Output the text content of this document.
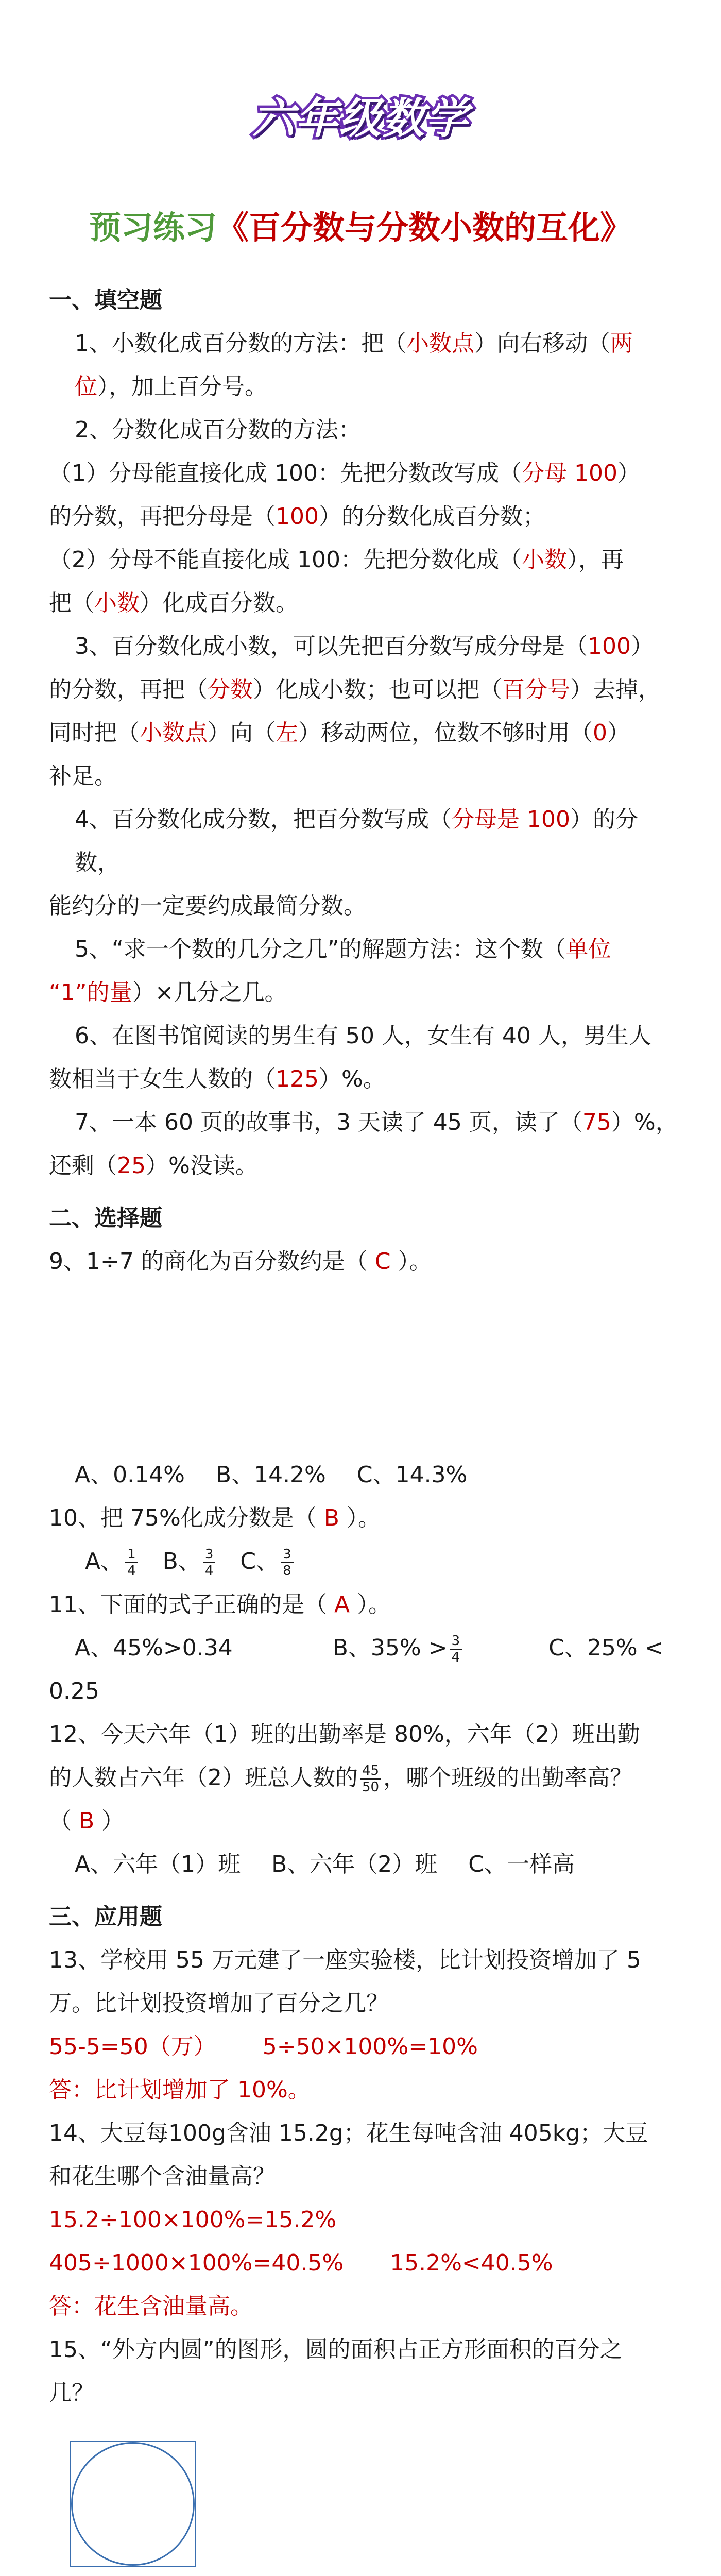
六年级数学
预习练习《百分数与分数小数的互化》
一、填空题

1、小数化成百分数的方法：把（小数点）向右移动（两位），加上百分号。

2、分数化成百分数的方法：

（1）分母能直接化成 100：先把分数改写成（分母 100）

的分数，再把分母是（100）的分数化成百分数；

（2）分母不能直接化成 100：先把分数化成（小数），再

把（小数）化成百分数。

3、百分数化成小数，可以先把百分数写成分母是（100）

的分数，再把（分数）化成小数；也可以把（百分号）去掉，

同时把（小数点）向（左）移动两位，位数不够时用（0）

补足。

4、百分数化成分数，把百分数写成（分母是 100）的分数，

能约分的一定要约成最简分数。

5、“求一个数的几分之几”的解题方法：这个数（单位

“1”的量）×几分之几。

6、在图书馆阅读的男生有 50 人，女生有 40 人，男生人

数相当于女生人数的（125）%。

7、一本 60 页的故事书，3 天读了 45 页，读了（75）%，

还剩（25）%没读。

二、选择题

9、1÷7 的商化为百分数约是（ C ）。

A、0.14% B、14.2% C、14.3%

10、把 75%化成分数是（ B ）。

A、 $\frac{1}{4}$ B、 $\frac{3}{4}$ C、 $\frac{3}{8}$

11、下面的式子正确的是（ A ）。

A、45%>0.34	B、$35\% > \frac{3}{4}$	C、25% <

0.25

12、今天六年（1）班的出勤率是 80%，六年（2）班出勤

的人数占六年（2）班总人数的 $\frac{45}{50}$ ，哪个班级的出勤率高？

（ B ）

A、六年（1）班 B、六年（2）班 C、一样高

三、应用题

13、学校用 55 万元建了一座实验楼，比计划投资增加了 5

万。比计划投资增加了百分之几？

55-5=50（万） 5÷50×100%=10%

答：比计划增加了 10%。

14、大豆每100g含油 15.2g；花生每吨含油 405kg；大豆

和花生哪个含油量高？

15.2÷100×100%=15.2%

405÷1000×100%=40.5% 15.2%<40.5%

答：花生含油量高。

15、“外方内圆”的图形，圆的面积占正方形面积的百分之

几？
